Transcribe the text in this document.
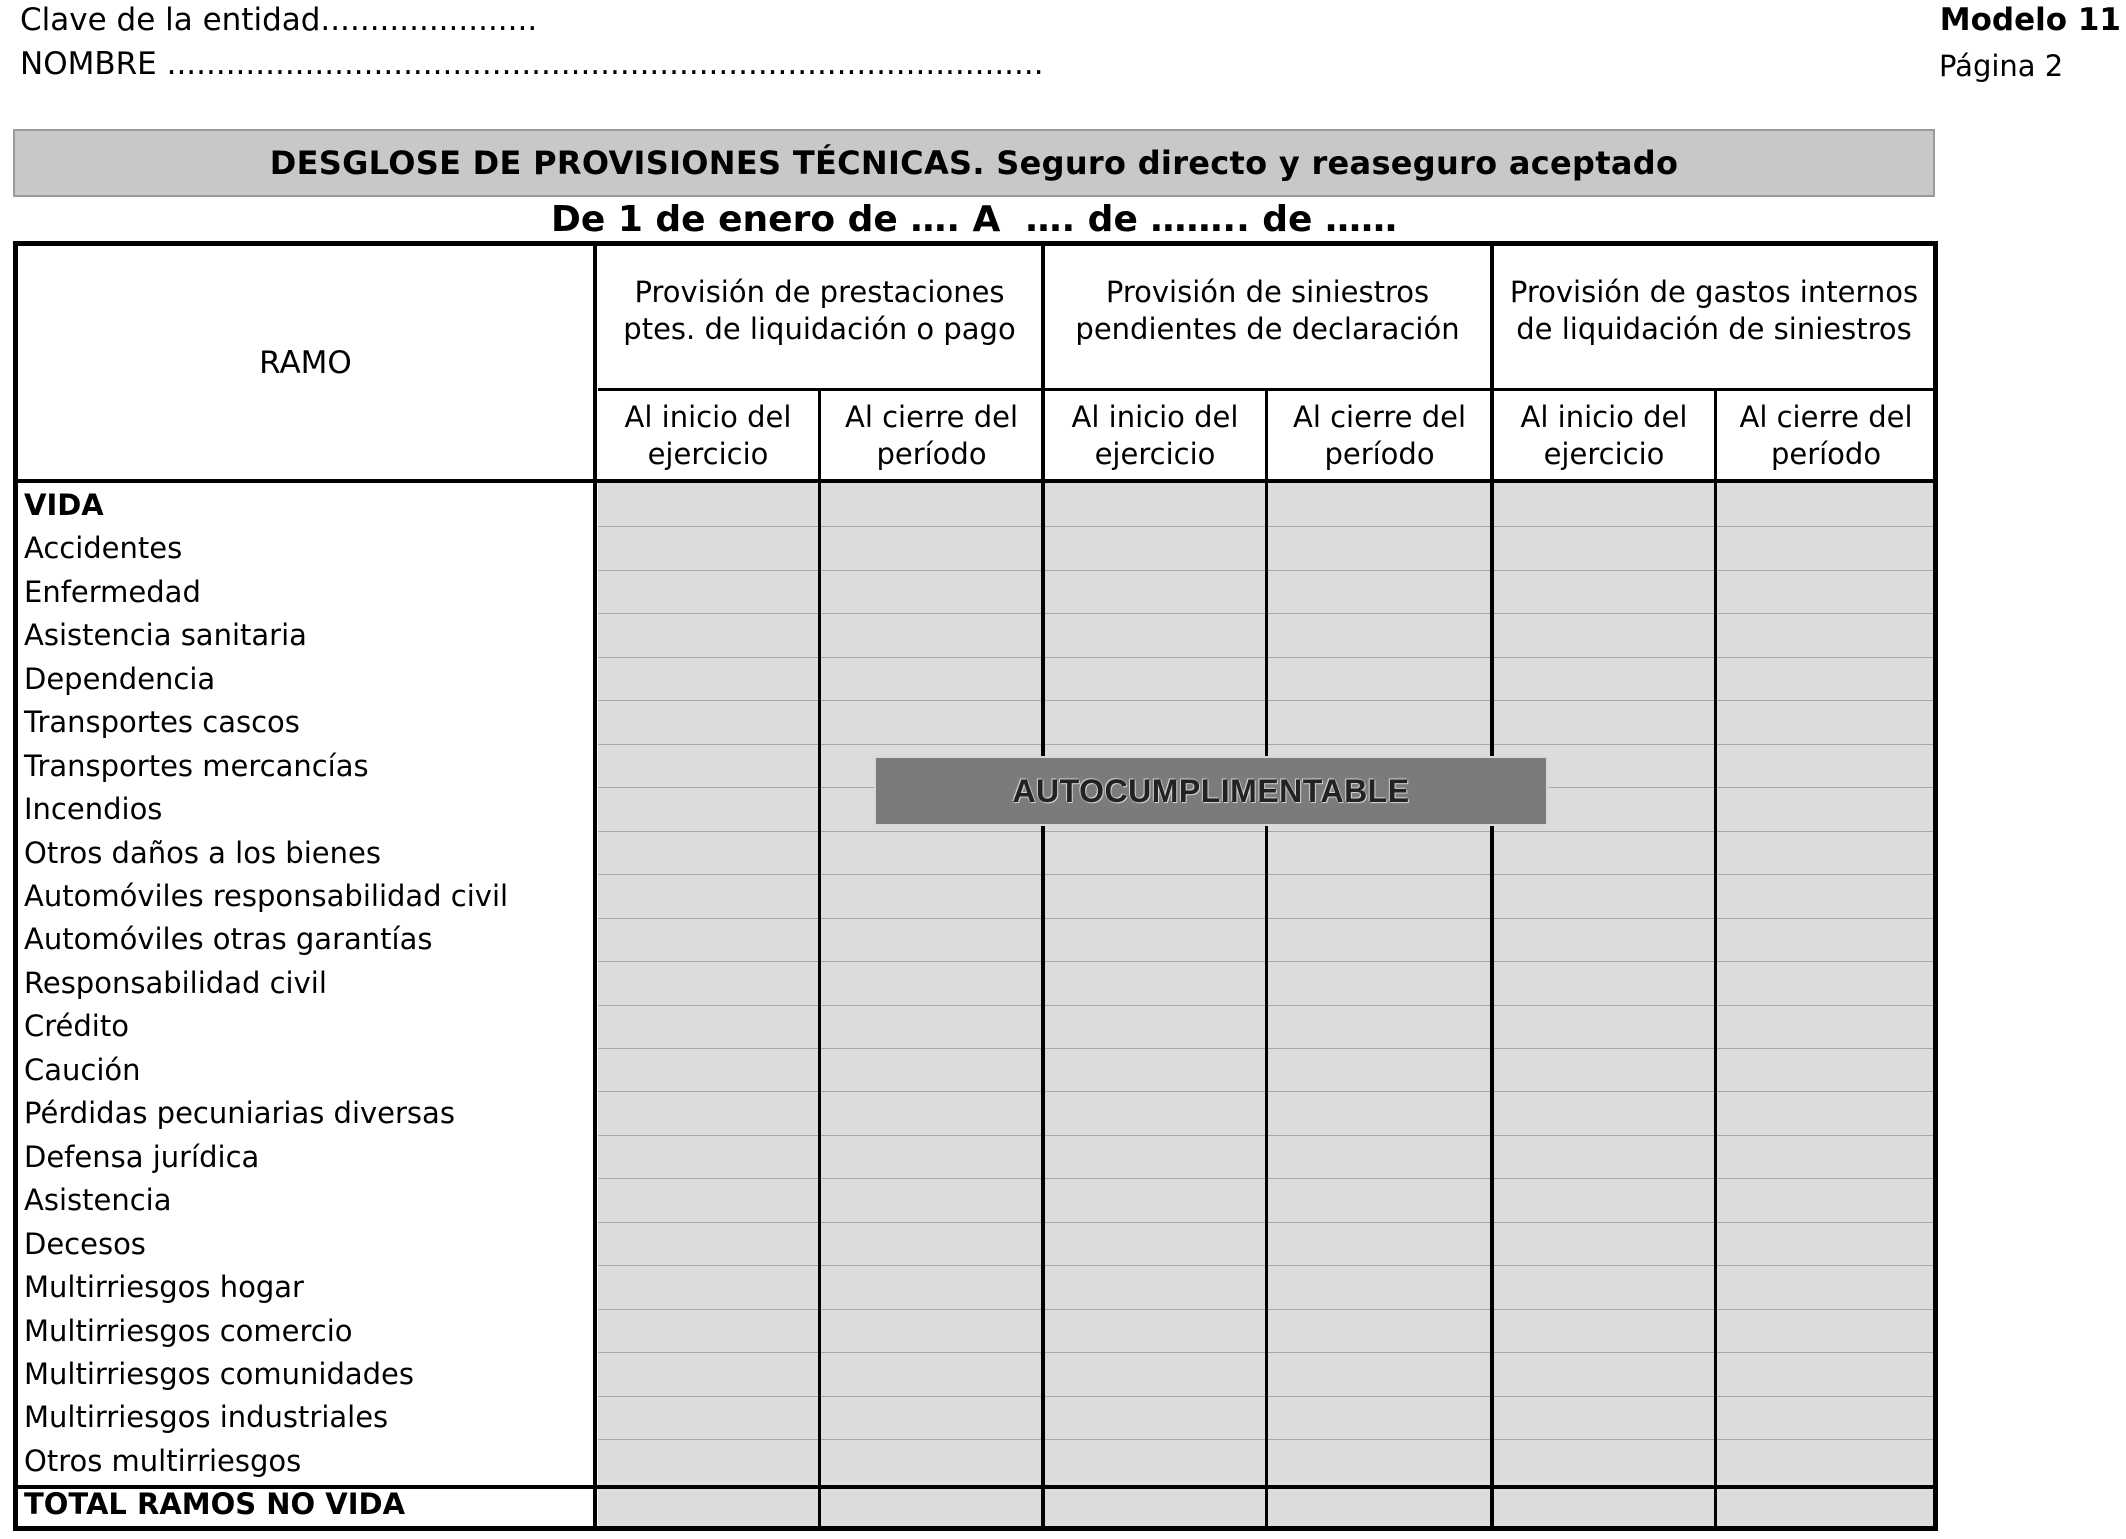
Clave de la entidad......................
NOMBRE .........................................................................................
Modelo 11
Página 2
DESGLOSE DE PROVISIONES TÉCNICAS. Seguro directo y reaseguro aceptado
De 1 de enero de …. A  …. de …….. de ……
RAMO
Provisión de prestaciones
ptes. de liquidación o pago
Provisión de siniestros
pendientes de declaración
Provisión de gastos internos
de liquidación de siniestros
Al inicio del
ejercicio
Al cierre del
período
Al inicio del
ejercicio
Al cierre del
período
Al inicio del
ejercicio
Al cierre del
período
VIDA
Accidentes
Enfermedad
Asistencia sanitaria
Dependencia
Transportes cascos
Transportes mercancías
Incendios
Otros daños a los bienes
Automóviles responsabilidad civil
Automóviles otras garantías
Responsabilidad civil
Crédito
Caución
Pérdidas pecuniarias diversas
Defensa jurídica
Asistencia
Decesos
Multirriesgos hogar
Multirriesgos comercio
Multirriesgos comunidades
Multirriesgos industriales
Otros multirriesgos
TOTAL RAMOS NO VIDA
AUTOCUMPLIMENTABLE
